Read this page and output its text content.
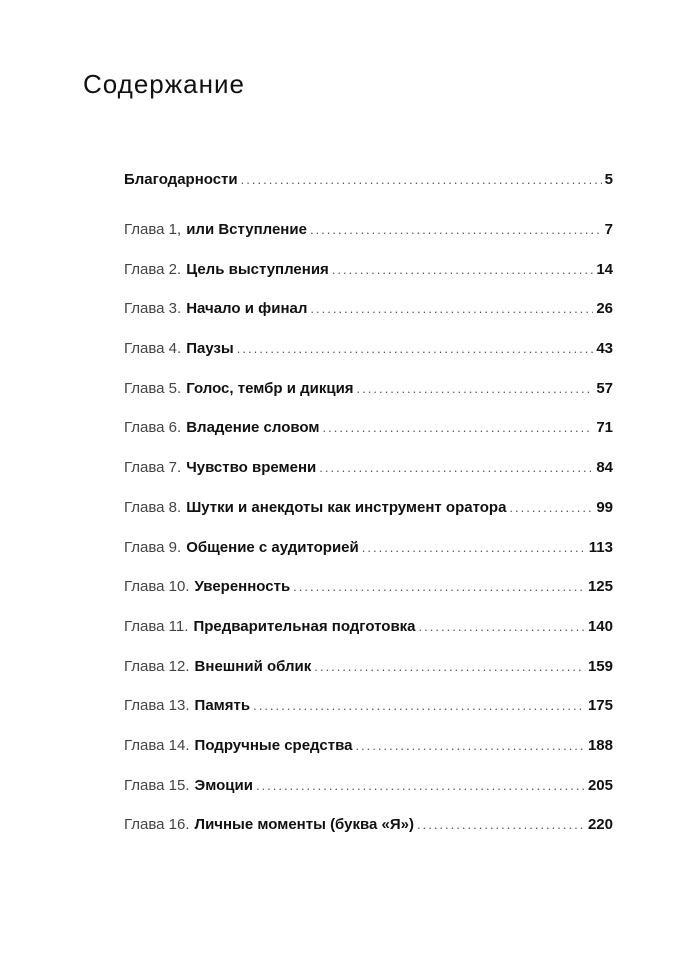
Содержание
Благодарности .....	5
Глава 1, или Вступление .....	7
Глава 2. Цель выступления .....	14
Глава 3. Начало и финал .....	26
Глава 4. Паузы .....	43
Глава 5. Голос, тембр и дикция .....	57
Глава 6. Владение словом .....	71
Глава 7. Чувство времени .....	84
Глава 8. Шутки и анекдоты как инструмент оратора .....	99
Глава 9. Общение с аудиторией .....	113
Глава 10. Уверенность .....	125
Глава 11. Предварительная подготовка .....	140
Глава 12. Внешний облик .....	159
Глава 13. Память .....	175
Глава 14. Подручные средства .....	188
Глава 15. Эмоции .....	205
Глава 16. Личные моменты (буква «Я») .....	220
